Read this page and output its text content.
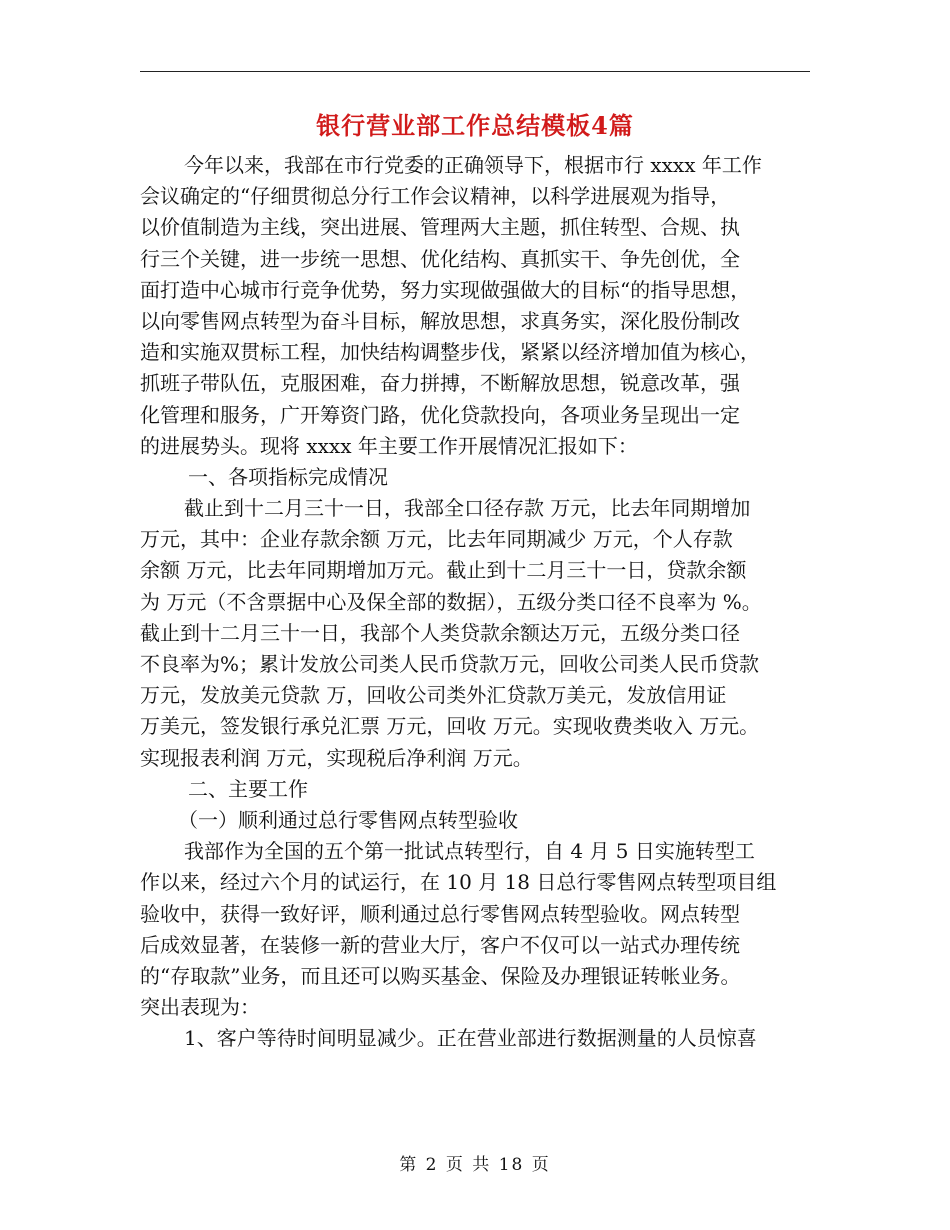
银行营业部工作总结模板4篇
今年以来，我部在市行党委的正确领导下，根据市行 xxxx 年工作
会议确定的“仔细贯彻总分行工作会议精神，以科学进展观为指导，
以价值制造为主线，突出进展、管理两大主题，抓住转型、合规、执
行三个关键，进一步统一思想、优化结构、真抓实干、争先创优，全
面打造中心城市行竞争优势，努力实现做强做大的目标“的指导思想，
以向零售网点转型为奋斗目标，解放思想，求真务实，深化股份制改
造和实施双贯标工程，加快结构调整步伐，紧紧以经济增加值为核心，
抓班子带队伍，克服困难，奋力拼搏，不断解放思想，锐意改革，强
化管理和服务，广开筹资门路，优化贷款投向，各项业务呈现出一定
的进展势头。现将 xxxx 年主要工作开展情况汇报如下：
一、各项指标完成情况
截止到十二月三十一日，我部全口径存款 万元，比去年同期增加
万元，其中：企业存款余额 万元，比去年同期减少 万元，个人存款
余额 万元，比去年同期增加万元。截止到十二月三十一日，贷款余额
为 万元（不含票据中心及保全部的数据），五级分类口径不良率为 %。
截止到十二月三十一日，我部个人类贷款余额达万元，五级分类口径
不良率为%；累计发放公司类人民币贷款万元，回收公司类人民币贷款
万元，发放美元贷款 万，回收公司类外汇贷款万美元，发放信用证
万美元，签发银行承兑汇票 万元，回收 万元。实现收费类收入 万元。
实现报表利润 万元，实现税后净利润 万元。
二、主要工作
（一）顺利通过总行零售网点转型验收
我部作为全国的五个第一批试点转型行，自 4 月 5 日实施转型工
作以来，经过六个月的试运行，在 10 月 18 日总行零售网点转型项目组
验收中，获得一致好评，顺利通过总行零售网点转型验收。网点转型
后成效显著，在装修一新的营业大厅，客户不仅可以一站式办理传统
的“存取款”业务，而且还可以购买基金、保险及办理银证转帐业务。
突出表现为：
1、客户等待时间明显减少。正在营业部进行数据测量的人员惊喜
第 2 页 共 18 页
